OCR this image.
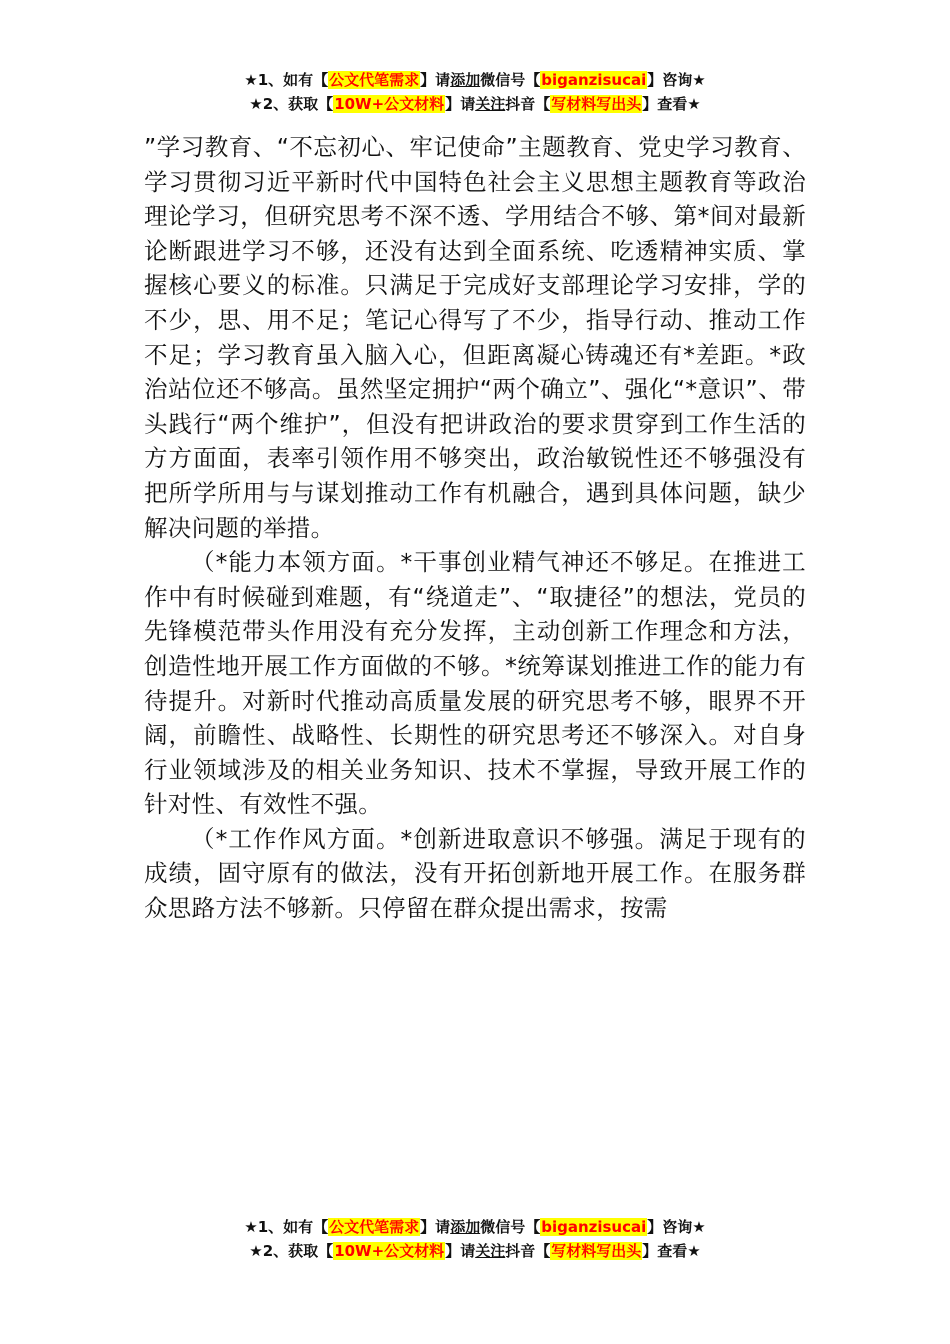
★1、如有【公文代笔需求】请添加微信号【biganzisucai】咨询★
★2、获取【10W+公文材料】请关注抖音【写材料写出头】查看★

”学习教育、“不忘初心、牢记使命”主题教育、党史学习教育、学习贯彻习近平新时代中国特色社会主义思想主题教育等政治理论学习，但研究思考不深不透、学用结合不够、第*间对最新论断跟进学习不够，还没有达到全面系统、吃透精神实质、掌握核心要义的标准。只满足于完成好支部理论学习安排，学的不少，思、用不足；笔记心得写了不少，指导行动、推动工作不足；学习教育虽入脑入心，但距离凝心铸魂还有*差距。*政治站位还不够高。虽然坚定拥护“两个确立”、强化“*意识”、带头践行“两个维护”，但没有把讲政治的要求贯穿到工作生活的方方面面，表率引领作用不够突出，政治敏锐性还不够强没有把所学所用与与谋划推动工作有机融合，遇到具体问题，缺少解决问题的举措。

（*能力本领方面。*干事创业精气神还不够足。在推进工作中有时候碰到难题，有“绕道走”、“取捷径”的想法，党员的先锋模范带头作用没有充分发挥，主动创新工作理念和方法，创造性地开展工作方面做的不够。*统筹谋划推进工作的能力有待提升。对新时代推动高质量发展的研究思考不够，眼界不开阔，前瞻性、战略性、长期性的研究思考还不够深入。对自身行业领域涉及的相关业务知识、技术不掌握，导致开展工作的针对性、有效性不强。

（*工作作风方面。*创新进取意识不够强。满足于现有的成绩，固守原有的做法，没有开拓创新地开展工作。在服务群众思路方法不够新。只停留在群众提出需求，按需

★1、如有【公文代笔需求】请添加微信号【biganzisucai】咨询★
★2、获取【10W+公文材料】请关注抖音【写材料写出头】查看★
